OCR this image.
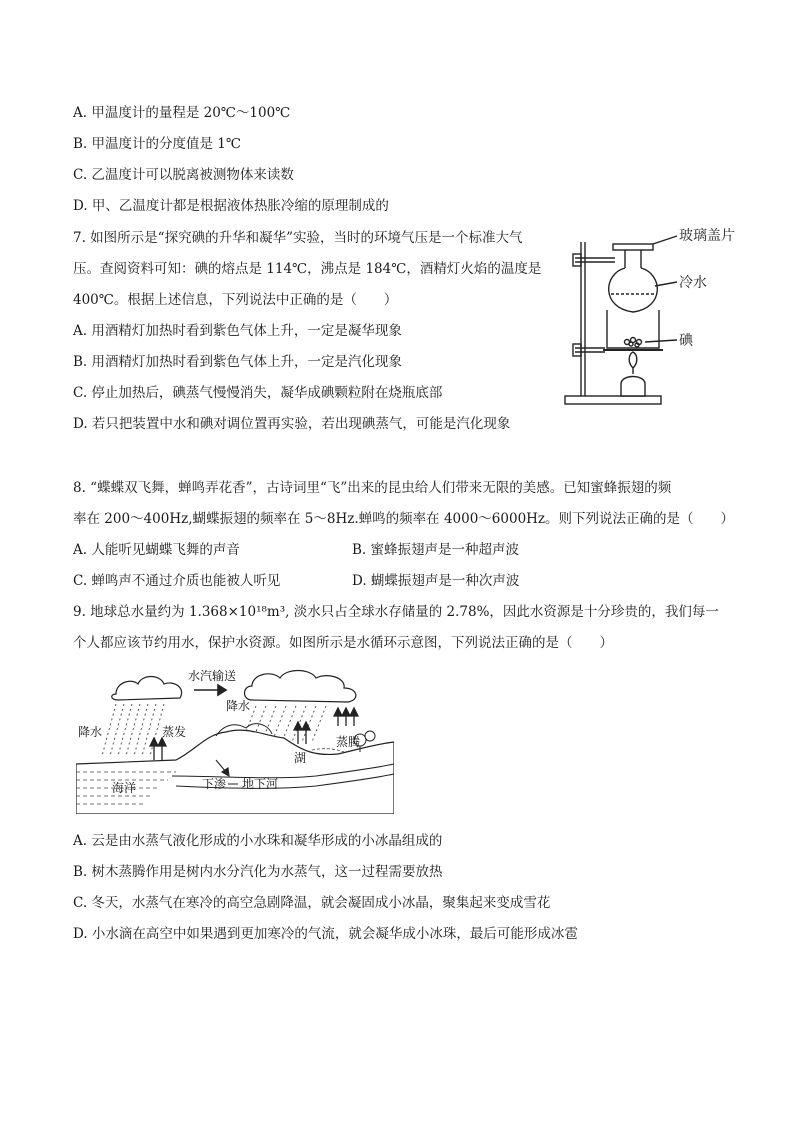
A. 甲温度计的量程是 20℃～100℃
B. 甲温度计的分度值是 1℃
C. 乙温度计可以脱离被测物体来读数
D. 甲、乙温度计都是根据液体热胀冷缩的原理制成的
7. 如图所示是“探究碘的升华和凝华”实验，当时的环境气压是一个标准大气
压。查阅资料可知：碘的熔点是 114℃，沸点是 184℃，酒精灯火焰的温度是
400℃。根据上述信息，下列说法中正确的是（　　）
A. 用酒精灯加热时看到紫色气体上升，一定是凝华现象
B. 用酒精灯加热时看到紫色气体上升，一定是汽化现象
C. 停止加热后，碘蒸气慢慢消失，凝华成碘颗粒附在烧瓶底部
D. 若只把装置中水和碘对调位置再实验，若出现碘蒸气，可能是汽化现象
玻璃盖片
冷水
碘
8. “蝶蝶双飞舞，蝉鸣弄花香”，古诗词里“飞”出来的昆虫给人们带来无限的美感。已知蜜蜂振翅的频
率在 200～400Hz,蝴蝶振翅的频率在 5～8Hz.蝉鸣的频率在 4000～6000Hz。则下列说法正确的是（　　）
A. 人能听见蝴蝶飞舞的声音	B. 蜜蜂振翅声是一种超声波
C. 蝉鸣声不通过介质也能被人听见	D. 蝴蝶振翅声是一种次声波
9. 地球总水量约为 1.368×10¹⁸m³, 淡水只占全球水存储量的 2.78%，因此水资源是十分珍贵的，我们每一
个人都应该节约用水，保护水资源。如图所示是水循环示意图，下列说法正确的是（　　）
水汽输送
降水
降水	蒸发
蒸腾
湖
海洋	下渗 地下河
A. 云是由水蒸气液化形成的小水珠和凝华形成的小冰晶组成的
B. 树木蒸腾作用是树内水分汽化为水蒸气，这一过程需要放热
C. 冬天，水蒸气在寒冷的高空急剧降温，就会凝固成小冰晶，聚集起来变成雪花
D. 小水滴在高空中如果遇到更加寒冷的气流，就会凝华成小冰珠，最后可能形成冰雹
